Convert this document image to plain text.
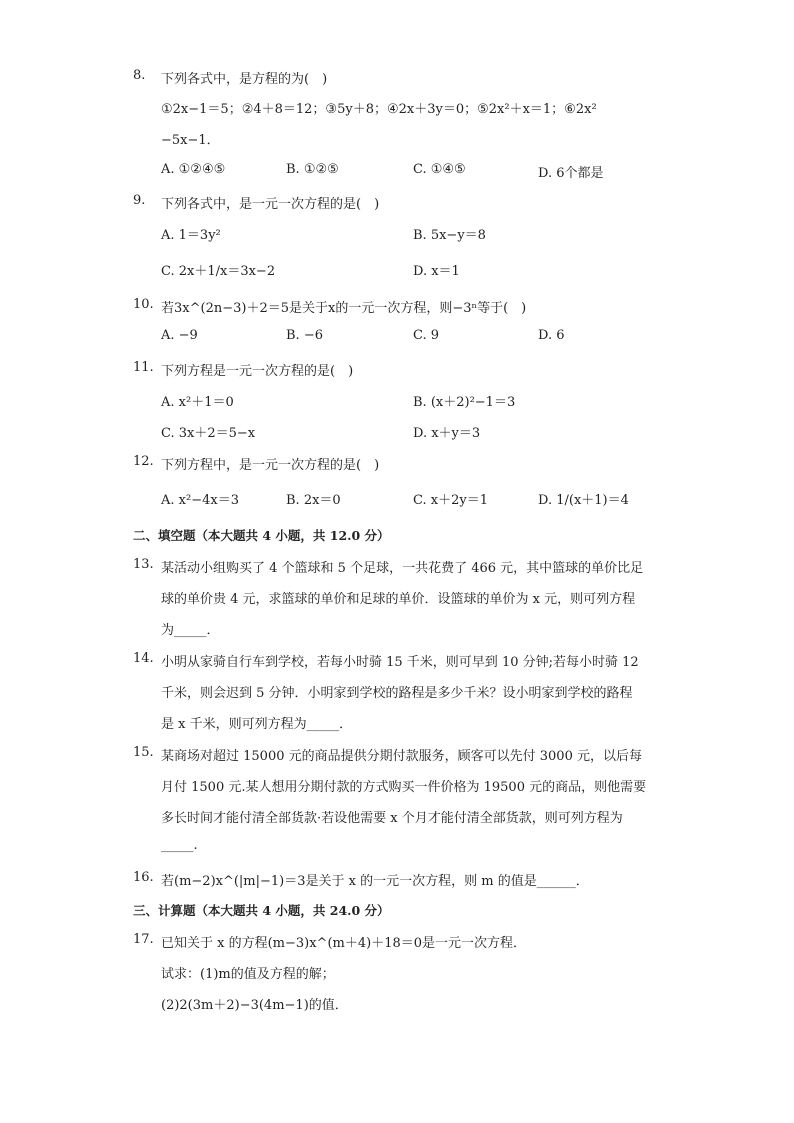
8.	下列各式中，是方程的为(　)
①2x−1＝5；②4＋8＝12；③5y＋8；④2x＋3y＝0；⑤2x²＋x＝1；⑥2x²
−5x−1．
A. ①②④⑤	B. ①②⑤	C. ①④⑤	D. 6个都是
9.	下列各式中，是一元一次方程的是(　)
A. 1＝3y²	B. 5x−y＝8
C. 2x＋1/x＝3x−2	D. x＝1
10. 若3x^(2n−3)＋2＝5是关于x的一元一次方程，则−3ⁿ等于(　)
A. −9	B. −6	C. 9	D. 6
11. 下列方程是一元一次方程的是(　)
A. x²＋1＝0	B. (x＋2)²−1＝3
C. 3x＋2＝5−x	D. x＋y＝3
12. 下列方程中，是一元一次方程的是(　)
A. x²−4x＝3	B. 2x＝0	C. x＋2y＝1	D. 1/(x＋1)＝4
二、填空题（本大题共 4 小题，共 12.0 分）
13. 某活动小组购买了 4 个篮球和 5 个足球，一共花费了 466 元，其中篮球的单价比足
球的单价贵 4 元，求篮球的单价和足球的单价．设篮球的单价为 x 元，则可列方程
为_____．
14. 小明从家骑自行车到学校，若每小时骑 15 千米，则可早到 10 分钟;若每小时骑 12
千米，则会迟到 5 分钟．小明家到学校的路程是多少千米？设小明家到学校的路程
是 x 千米，则可列方程为_____．
15. 某商场对超过 15000 元的商品提供分期付款服务，顾客可以先付 3000 元，以后每
月付 1500 元.某人想用分期付款的方式购买一件价格为 19500 元的商品，则他需要
多长时间才能付清全部货款·若设他需要 x 个月才能付清全部货款，则可列方程为
_____.
16. 若(m−2)x^(|m|−1)＝3是关于 x 的一元一次方程，则 m 的值是______．
三、计算题（本大题共 4 小题，共 24.0 分）
17. 已知关于 x 的方程(m−3)x^(m＋4)＋18＝0是一元一次方程．
试求：(1)m的值及方程的解；
(2)2(3m＋2)−3(4m−1)的值．
